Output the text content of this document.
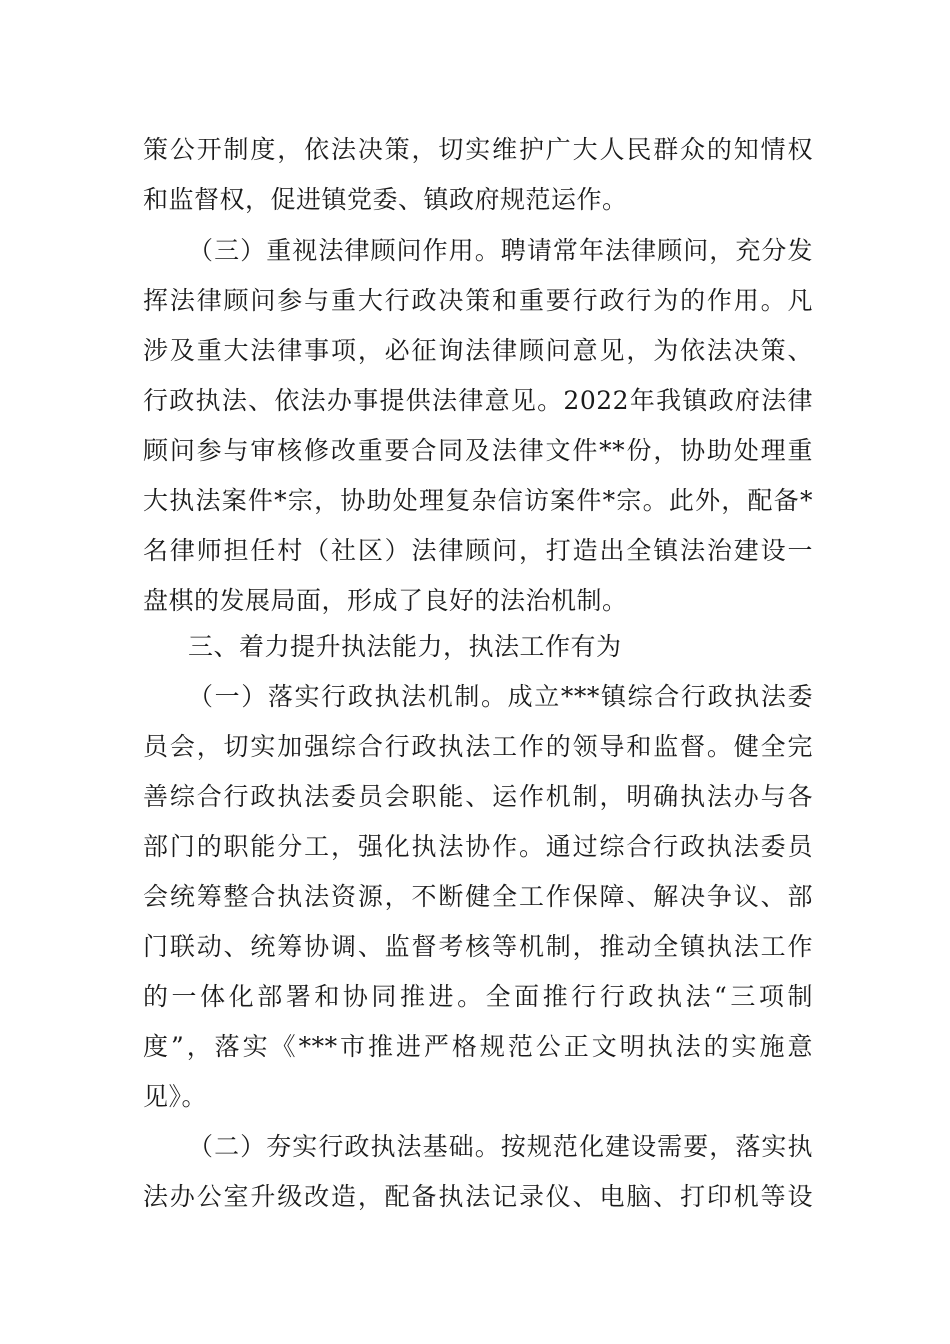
策公开制度，依法决策，切实维护广大人民群众的知情权
和监督权，促进镇党委、镇政府规范运作。
（三）重视法律顾问作用。聘请常年法律顾问，充分发
挥法律顾问参与重大行政决策和重要行政行为的作用。凡
涉及重大法律事项，必征询法律顾问意见，为依法决策、
行政执法、依法办事提供法律意见。2022年我镇政府法律
顾问参与审核修改重要合同及法律文件**份，协助处理重
大执法案件*宗，协助处理复杂信访案件*宗。此外，配备*
名律师担任村（社区）法律顾问，打造出全镇法治建设一
盘棋的发展局面，形成了良好的法治机制。
三、着力提升执法能力，执法工作有为
（一）落实行政执法机制。成立***镇综合行政执法委
员会，切实加强综合行政执法工作的领导和监督。健全完
善综合行政执法委员会职能、运作机制，明确执法办与各
部门的职能分工，强化执法协作。通过综合行政执法委员
会统筹整合执法资源，不断健全工作保障、解决争议、部
门联动、统筹协调、监督考核等机制，推动全镇执法工作
的一体化部署和协同推进。全面推行行政执法“三项制
度”，落实《***市推进严格规范公正文明执法的实施意
见》。
（二）夯实行政执法基础。按规范化建设需要，落实执
法办公室升级改造，配备执法记录仪、电脑、打印机等设
